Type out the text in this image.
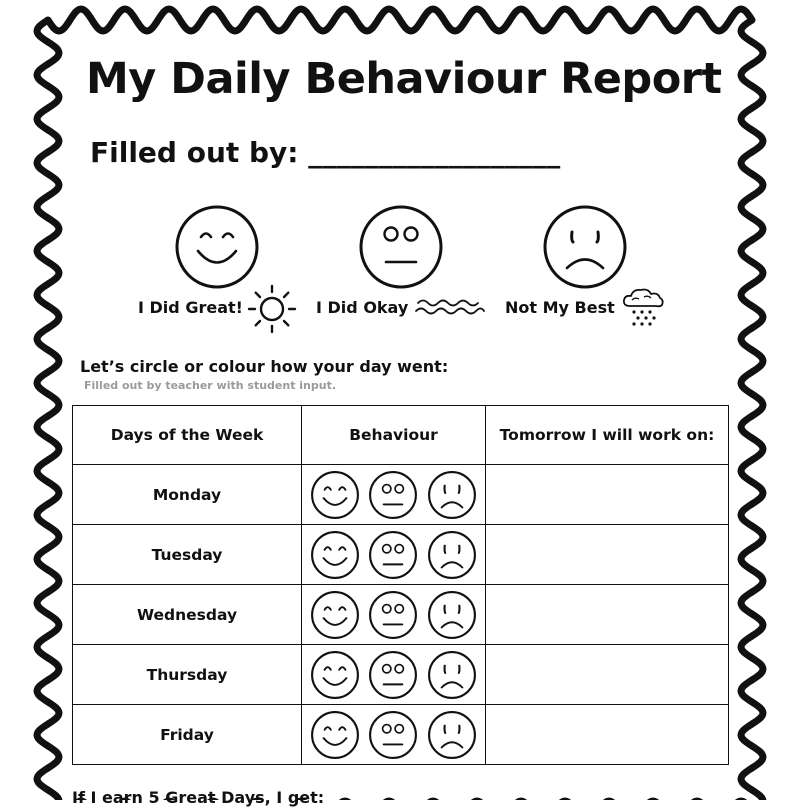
My Daily Behaviour Report
Filled out by: __________________
I Did Great!	I Did Okay	Not My Best
Let’s circle or colour how your day went:
Filled out by teacher with student input.
Days of the Week	Behaviour	Tomorrow I will work on:
Monday	

Tuesday	

Wednesday	

Thursday	

Friday	

If I earn 5 Great Days, I get:
